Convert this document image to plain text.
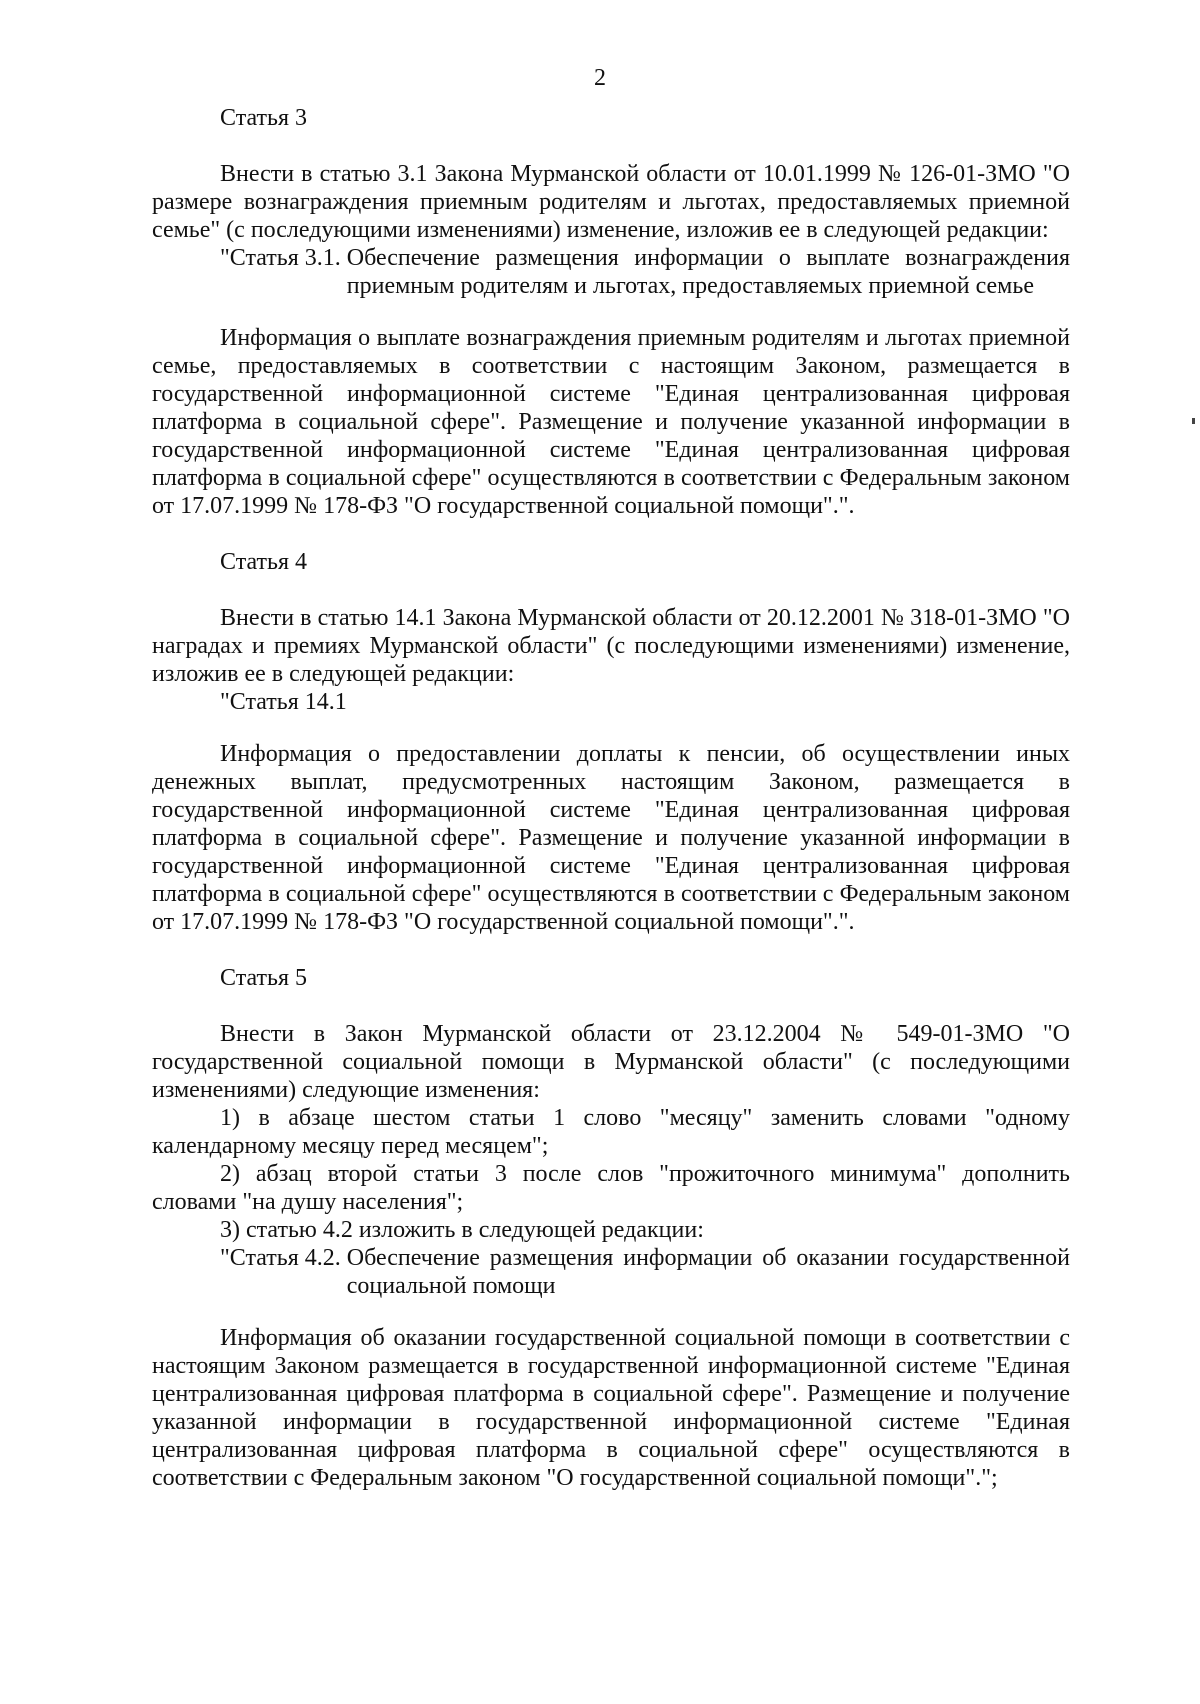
2

Статья 3

Внести в статью 3.1 Закона Мурманской области от 10.01.1999 № 126-01-ЗМО "О размере вознаграждения приемным родителям и льготах, предоставляемых приемной семье" (с последующими изменениями) изменение, изложив ее в следующей редакции:

"Статья 3.1. Обеспечение размещения информации о выплате вознаграждения приемным родителям и льготах, предоставляемых приемной семье

Информация о выплате вознаграждения приемным родителям и льготах приемной семье, предоставляемых в соответствии с настоящим Законом, размещается в государственной информационной системе "Единая централизованная цифровая платформа в социальной сфере". Размещение и получение указанной информации в государственной информационной системе "Единая централизованная цифровая платформа в социальной сфере" осуществляются в соответствии с Федеральным законом от 17.07.1999 № 178-ФЗ "О государственной социальной помощи".".

Статья 4

Внести в статью 14.1 Закона Мурманской области от 20.12.2001 № 318-01-ЗМО "О наградах и премиях Мурманской области" (с последующими изменениями) изменение, изложив ее в следующей редакции:

"Статья 14.1

Информация о предоставлении доплаты к пенсии, об осуществлении иных денежных выплат, предусмотренных настоящим Законом, размещается в государственной информационной системе "Единая централизованная цифровая платформа в социальной сфере". Размещение и получение указанной информации в государственной информационной системе "Единая централизованная цифровая платформа в социальной сфере" осуществляются в соответствии с Федеральным законом от 17.07.1999 № 178-ФЗ "О государственной социальной помощи".".

Статья 5

Внести в Закон Мурманской области от 23.12.2004 № 549-01-ЗМО "О государственной социальной помощи в Мурманской области" (с последующими изменениями) следующие изменения:

1) в абзаце шестом статьи 1 слово "месяцу" заменить словами "одному календарному месяцу перед месяцем";

2) абзац второй статьи 3 после слов "прожиточного минимума" дополнить словами "на душу населения";

3) статью 4.2 изложить в следующей редакции:

"Статья 4.2. Обеспечение размещения информации об оказании государственной социальной помощи

Информация об оказании государственной социальной помощи в соответствии с настоящим Законом размещается в государственной информационной системе "Единая централизованная цифровая платформа в социальной сфере". Размещение и получение указанной информации в государственной информационной системе "Единая централизованная цифровая платформа в социальной сфере" осуществляются в соответствии с Федеральным законом "О государственной социальной помощи".";
